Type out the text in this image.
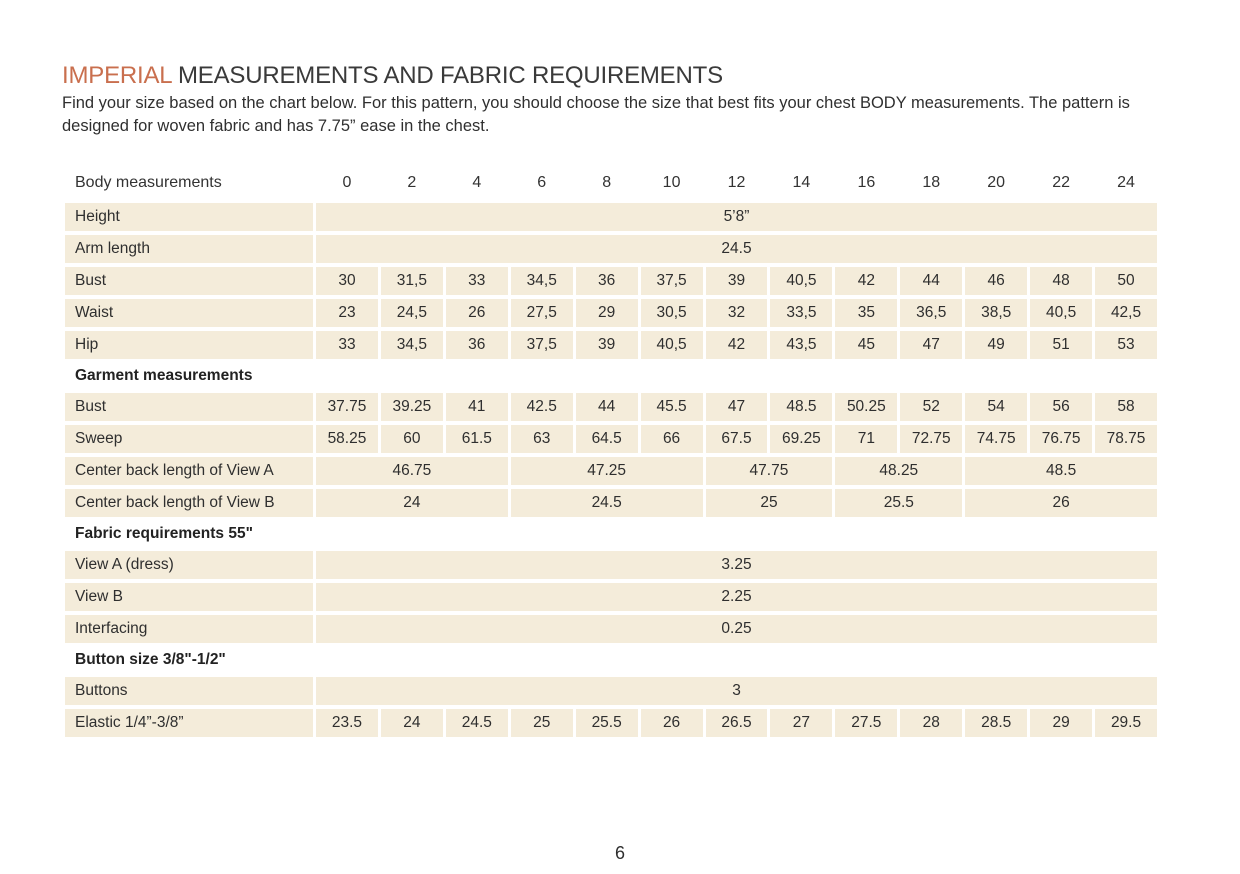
IMPERIAL MEASUREMENTS AND FABRIC REQUIREMENTS
Find your size based on the chart below. For this pattern, you should choose the size that best fits your chest BODY measurements. The pattern is designed for woven fabric and has 7.75” ease in the chest.
Body measurements	0	2	4	6	8	10	12	14	16	18	20	22	24
Height	5’8”
Arm length	24.5
Bust	30	31,5	33	34,5	36	37,5	39	40,5	42	44	46	48	50
Waist	23	24,5	26	27,5	29	30,5	32	33,5	35	36,5	38,5	40,5	42,5
Hip	33	34,5	36	37,5	39	40,5	42	43,5	45	47	49	51	53
Garment measurements
Bust	37.75	39.25	41	42.5	44	45.5	47	48.5	50.25	52	54	56	58
Sweep	58.25	60	61.5	63	64.5	66	67.5	69.25	71	72.75	74.75	76.75	78.75
Center back length of View A	46.75	47.25	47.75	48.25	48.5
Center back length of View B	24	24.5	25	25.5	26
Fabric requirements 55"
View A (dress)	3.25
View B	2.25
Interfacing	0.25
Button size 3/8"-1/2"
Buttons	3
Elastic 1/4”-3/8”	23.5	24	24.5	25	25.5	26	26.5	27	27.5	28	28.5	29	29.5
6
